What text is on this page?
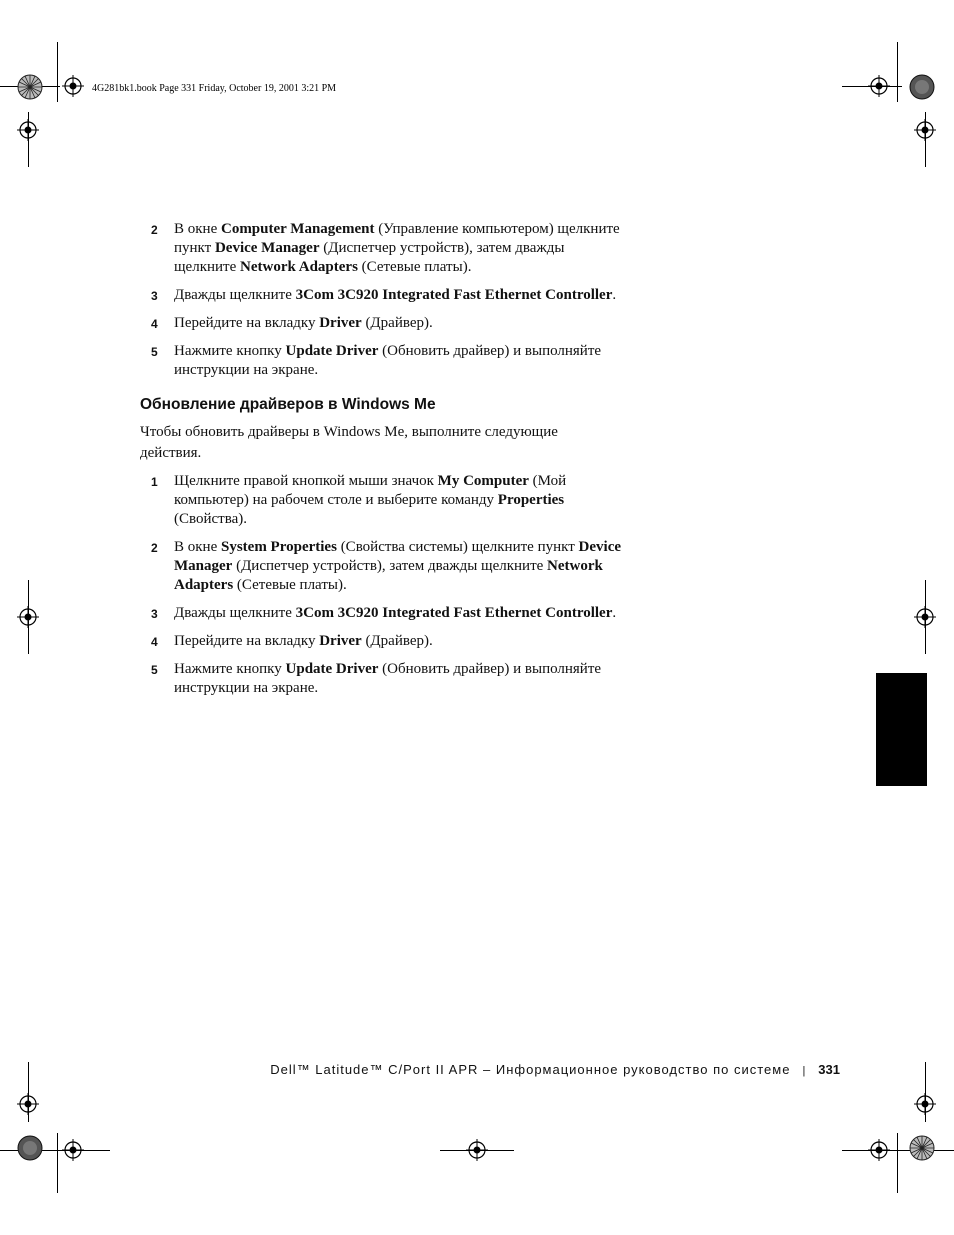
4G281bk1.book Page 331 Friday, October 19, 2001 3:21 PM
2 В окне Computer Management (Управление компьютером) щелкните пункт Device Manager (Диспетчер устройств), затем дважды щелкните Network Adapters (Сетевые платы).
3 Дважды щелкните 3Com 3C920 Integrated Fast Ethernet Controller.
4 Перейдите на вкладку Driver (Драйвер).
5 Нажмите кнопку Update Driver (Обновить драйвер) и выполняйте инструкции на экране.
Обновление драйверов в Windows Me
Чтобы обновить драйверы в Windows Me, выполните следующие действия.
1 Щелкните правой кнопкой мыши значок My Computer (Мой компьютер) на рабочем столе и выберите команду Properties (Свойства).
2 В окне System Properties (Свойства системы) щелкните пункт Device Manager (Диспетчер устройств), затем дважды щелкните Network Adapters (Сетевые платы).
3 Дважды щелкните 3Com 3C920 Integrated Fast Ethernet Controller.
4 Перейдите на вкладку Driver (Драйвер).
5 Нажмите кнопку Update Driver (Обновить драйвер) и выполняйте инструкции на экране.
Dell™ Latitude™ C/Port II APR – Информационное руководство по системе | 331
